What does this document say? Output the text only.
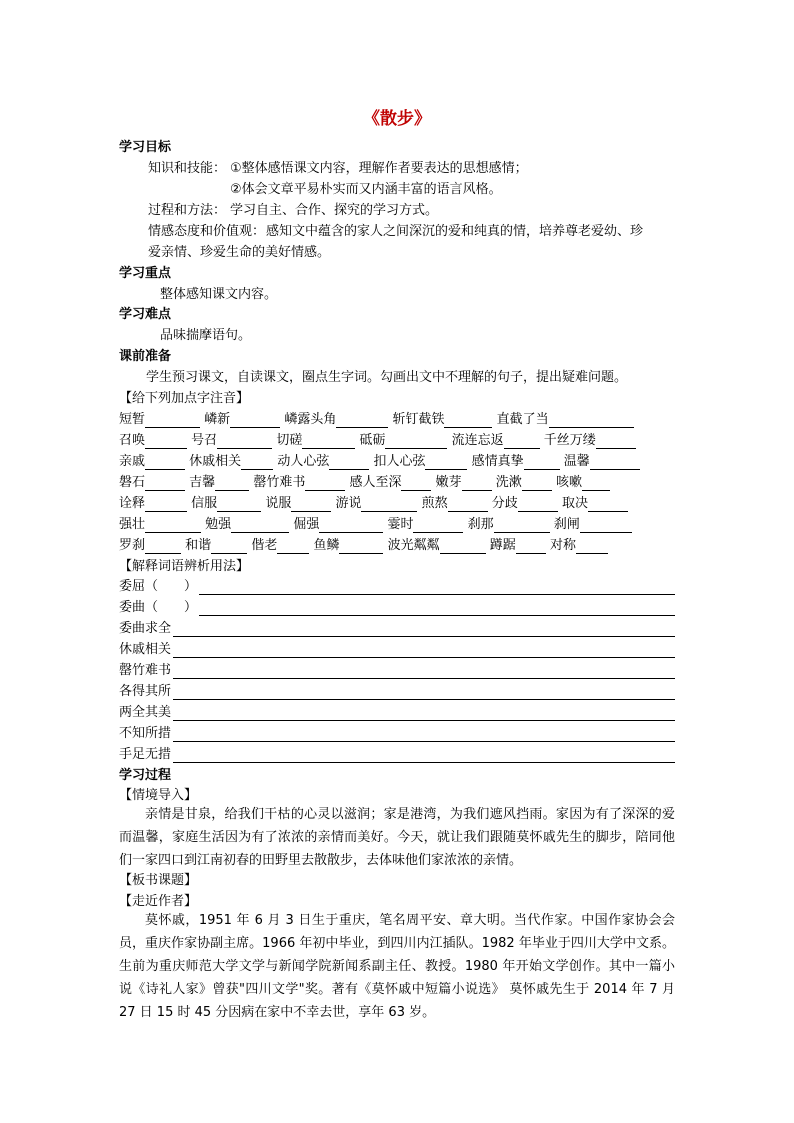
《散步》
学习目标
知识和技能： ①整体感悟课文内容，理解作者要表达的思想感情；
②体会文章平易朴实而又内涵丰富的语言风格。
过程和方法： 学习自主、合作、探究的学习方式。
情感态度和价值观： 感知文中蕴含的家人之间深沉的爱和纯真的情，培养尊老爱幼、珍
爱亲情、珍爱生命的美好情感。
学习重点
整体感知课文内容。
学习难点
品味揣摩语句。
课前准备
学生预习课文，自读课文，圈点生字词。勾画出文中不理解的句子，提出疑难问题。
【给下列加点字注音】
短暂	嶙新	嶙露头角	斩钉截铁	直截了当
召唤	号召	切磋	砥砺	流连忘返	千丝万缕
亲戚	休戚相关	动人心弦	扣人心弦	感情真挚	温馨
磐石	吉馨	罄竹难书	感人至深	嫩芽	洗漱	咳嗽
诠释	信服	说服	游说	煎熬	分歧	取决
强壮	勉强	倔强	霎时	刹那	刹闸
罗刹	和谐	偕老	鱼鳞	波光粼粼	蹲踞	对称
【解释词语辨析用法】
委屈（　　）
委曲（　　）
委曲求全
休戚相关
罄竹难书
各得其所
两全其美
不知所措
手足无措
学习过程
【情境导入】
亲情是甘泉，给我们干枯的心灵以滋润；家是港湾，为我们遮风挡雨。家因为有了深深的爱而温馨，家庭生活因为有了浓浓的亲情而美好。今天，就让我们跟随莫怀戚先生的脚步，陪同他们一家四口到江南初春的田野里去散散步，去体味他们家浓浓的亲情。
【板书课题】
【走近作者】
莫怀戚，1951 年 6 月 3 日生于重庆，笔名周平安、章大明。当代作家。中国作家协会会员，重庆作家协副主席。1966 年初中毕业，到四川内江插队。1982 年毕业于四川大学中文系。 生前为重庆师范大学文学与新闻学院新闻系副主任、教授。1980 年开始文学创作。其中一篇小说《诗礼人家》曾获"四川文学"奖。著有《莫怀戚中短篇小说选》 莫怀戚先生于 2014 年 7 月 27 日 15 时 45 分因病在家中不幸去世，享年 63 岁。
